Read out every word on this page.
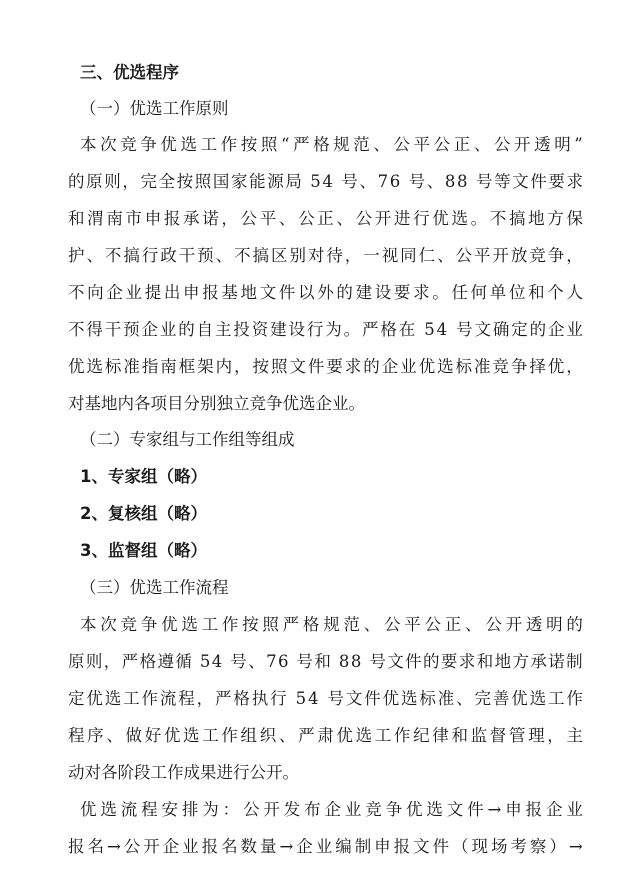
三、优选程序
（一）优选工作原则
本 次 竞 争 优 选 工 作 按 照 “ 严 格 规 范 、 公 平 公 正 、 公 开 透 明 ”
的 原 则 ， 完 全 按 照 国 家 能 源 局
5 4
号 、 7 6
号 、 8 8
号 等 文 件 要 求
和 渭 南 市 申 报 承 诺 ， 公 平 、 公 正 、 公 开 进 行 优 选 。 不 搞 地 方 保
护 、 不 搞 行 政 干 预 、 不 搞 区 别 对 待 ， 一 视 同 仁 、 公 平 开 放 竞 争 ，
不 向 企 业 提 出 申 报 基 地 文 件 以 外 的 建 设 要 求 。 任 何 单 位 和 个 人
不 得 干 预 企 业 的 自 主 投 资 建 设 行 为 。 严 格 在
5 4
号 文 确 定 的 企 业
优 选 标 准 指 南 框 架 内 ， 按 照 文 件 要 求 的 企 业 优 选 标 准 竞 争 择 优 ，
对基地内各项目分别独立竞争优选企业。
（二）专家组与工作组等组成
1、专家组（略）
2、复核组（略）
3、监督组（略）
（三）优选工作流程
本 次 竞 争 优 选 工 作 按 照 严 格 规 范 、 公 平 公 正 、 公 开 透 明 的
原 则 ， 严 格 遵 循
5 4
号 、 7 6
号 和
8 8
号 文 件 的 要 求 和 地 方 承 诺 制
定 优 选 工 作 流 程 ， 严 格 执 行
5 4
号 文 件 优 选 标 准 、 完 善 优 选 工 作
程 序 、 做 好 优 选 工 作 组 织 、 严 肃 优 选 工 作 纪 律 和 监 督 管 理 ， 主
动对各阶段工作成果进行公开。
优 选 流 程 安 排 为 ： 公 开 发 布 企 业 竞 争 优 选 文 件 → 申 报 企 业
报 名 → 公 开 企 业 报 名 数 量 → 企 业 编 制 申 报 文 件 （ 现 场 考 察 ） →
